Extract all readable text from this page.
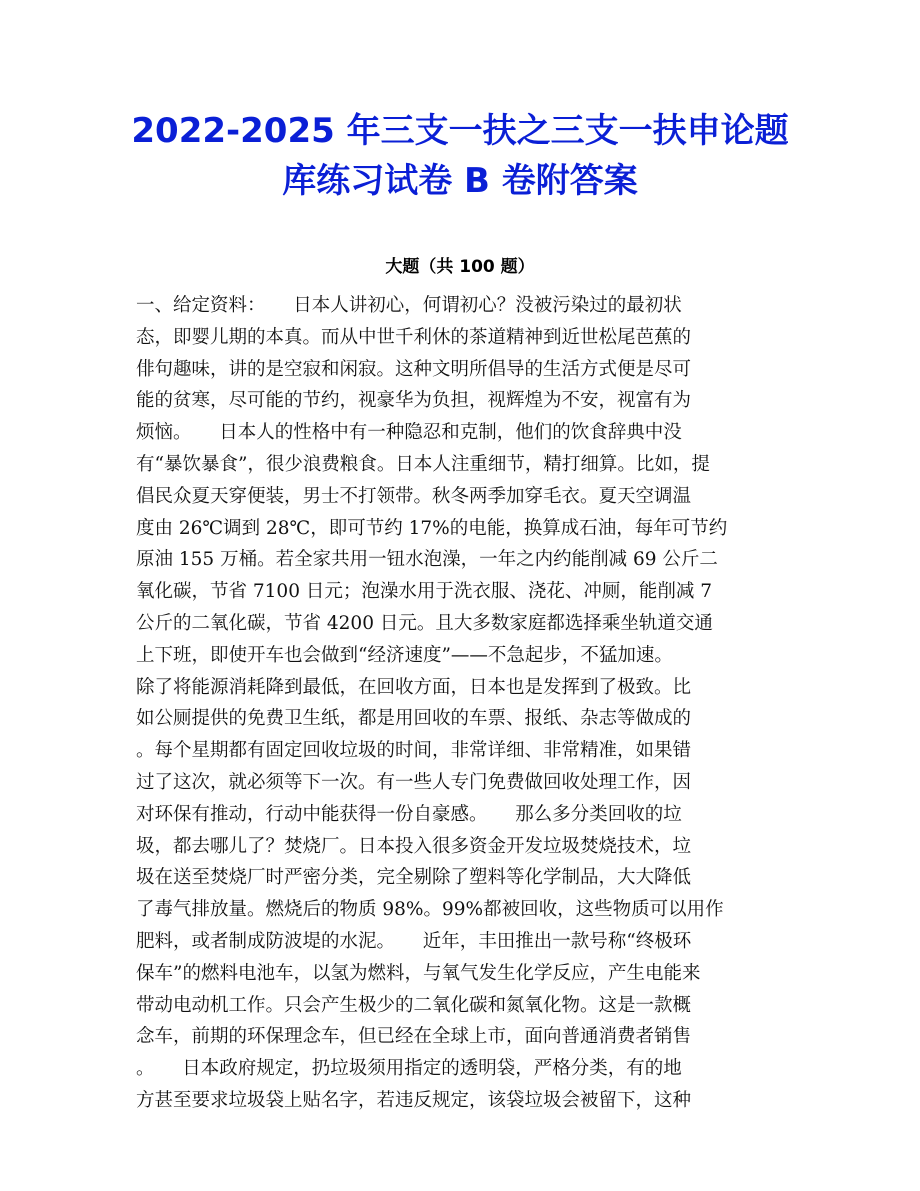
2022-2025 年三支一扶之三支一扶申论题
库练习试卷 B 卷附答案
大题（共 100 题）
一、给定资料：　　日本人讲初心，何谓初心？没被污染过的最初状
态，即婴儿期的本真。而从中世千利休的茶道精神到近世松尾芭蕉的
俳句趣味，讲的是空寂和闲寂。这种文明所倡导的生活方式便是尽可
能的贫寒，尽可能的节约，视豪华为负担，视辉煌为不安，视富有为
烦恼。　　日本人的性格中有一种隐忍和克制，他们的饮食辞典中没
有“暴饮暴食”，很少浪费粮食。日本人注重细节，精打细算。比如，提
倡民众夏天穿便装，男士不打领带。秋冬两季加穿毛衣。夏天空调温
度由 26℃调到 28℃，即可节约 17%的电能，换算成石油，每年可节约
原油 155 万桶。若全家共用一钮水泡澡，一年之内约能削减 69 公斤二
氧化碳，节省 7100 日元；泡澡水用于洗衣服、浇花、冲厕，能削减 7
公斤的二氧化碳，节省 4200 日元。且大多数家庭都选择乘坐轨道交通
上下班，即使开车也会做到“经济速度”——不急起步，不猛加速。
除了将能源消耗降到最低，在回收方面，日本也是发挥到了极致。比
如公厕提供的免费卫生纸，都是用回收的车票、报纸、杂志等做成的
。每个星期都有固定回收垃圾的时间，非常详细、非常精准，如果错
过了这次，就必须等下一次。有一些人专门免费做回收处理工作，因
对环保有推动，行动中能获得一份自豪感。　　那么多分类回收的垃
圾，都去哪儿了？焚烧厂。日本投入很多资金开发垃圾焚烧技术，垃
圾在送至焚烧厂时严密分类，完全剔除了塑料等化学制品，大大降低
了毒气排放量。燃烧后的物质 98%。99%都被回收，这些物质可以用作
肥料，或者制成防波堤的水泥。　　近年，丰田推出一款号称“终极环
保车”的燃料电池车，以氢为燃料，与氧气发生化学反应，产生电能来
带动电动机工作。只会产生极少的二氧化碳和氮氧化物。这是一款概
念车，前期的环保理念车，但已经在全球上市，面向普通消费者销售
。　　日本政府规定，扔垃圾须用指定的透明袋，严格分类，有的地
方甚至要求垃圾袋上贴名字，若违反规定，该袋垃圾会被留下，这种
